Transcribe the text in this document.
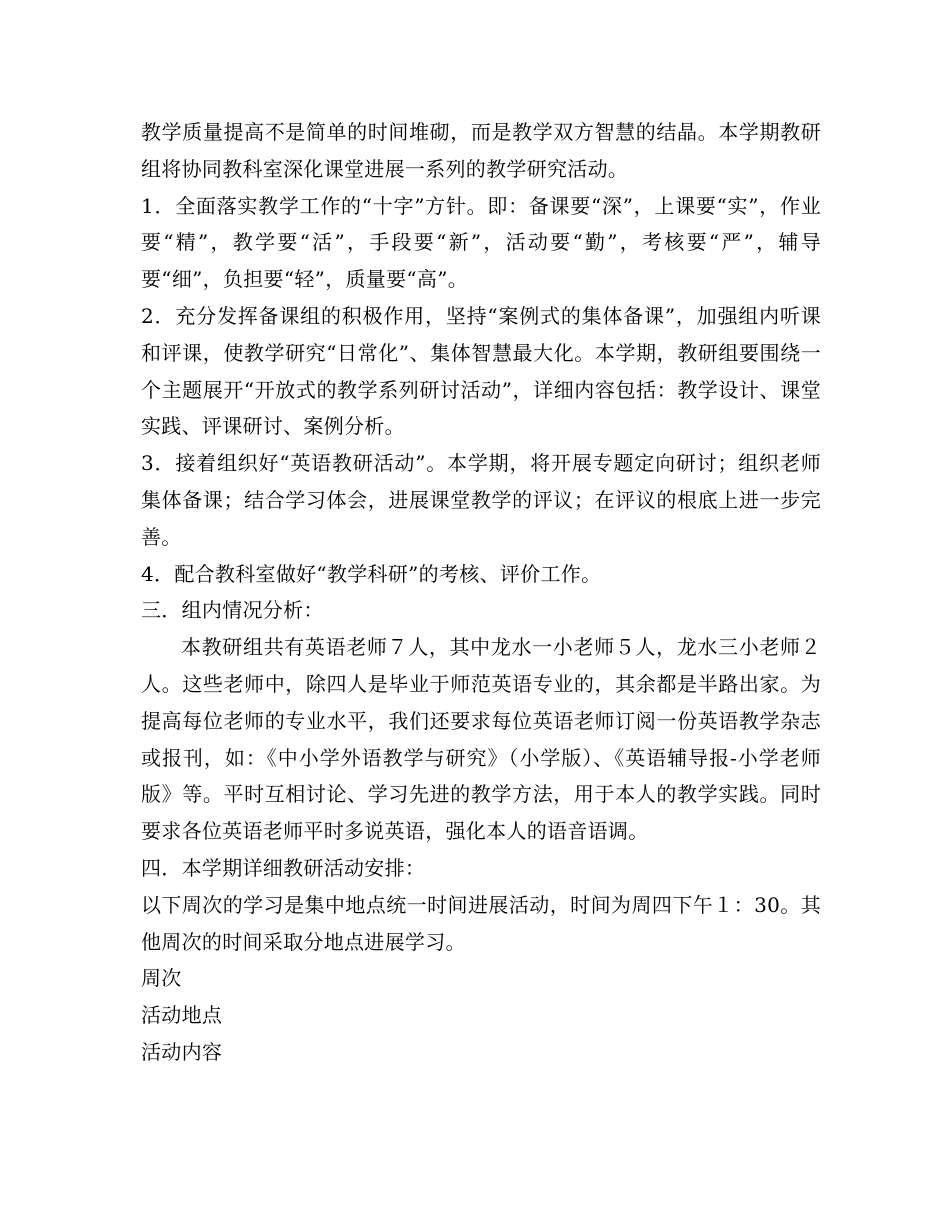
教学质量提高不是简单的时间堆砌，而是教学双方智慧的结晶。本学期教研组将协同教科室深化课堂进展一系列的教学研究活动。

1．全面落实教学工作的“十字”方针。即：备课要“深”，上课要“实”，作业要“精”，教学要“活”，手段要“新”，活动要“勤”，考核要“严”，辅导要“细”，负担要“轻”，质量要“高”。

2．充分发挥备课组的积极作用，坚持“案例式的集体备课”，加强组内听课和评课，使教学研究“日常化”、集体智慧最大化。本学期，教研组要围绕一个主题展开“开放式的教学系列研讨活动”，详细内容包括：教学设计、课堂实践、评课研讨、案例分析。

3．接着组织好“英语教研活动”。本学期，将开展专题定向研讨；组织老师集体备课；结合学习体会，进展课堂教学的评议；在评议的根底上进一步完善。

4．配合教科室做好“教学科研”的考核、评价工作。

三．组内情况分析：

本教研组共有英语老师７人，其中龙水一小老师５人，龙水三小老师２人。这些老师中，除四人是毕业于师范英语专业的，其余都是半路出家。为提高每位老师的专业水平，我们还要求每位英语老师订阅一份英语教学杂志或报刊，如：《中小学外语教学与研究》（小学版）、《英语辅导报-小学老师版》等。平时互相讨论、学习先进的教学方法，用于本人的教学实践。同时要求各位英语老师平时多说英语，强化本人的语音语调。

四．本学期详细教研活动安排：

以下周次的学习是集中地点统一时间进展活动，时间为周四下午１：30。其他周次的时间采取分地点进展学习。

周次

活动地点

活动内容
